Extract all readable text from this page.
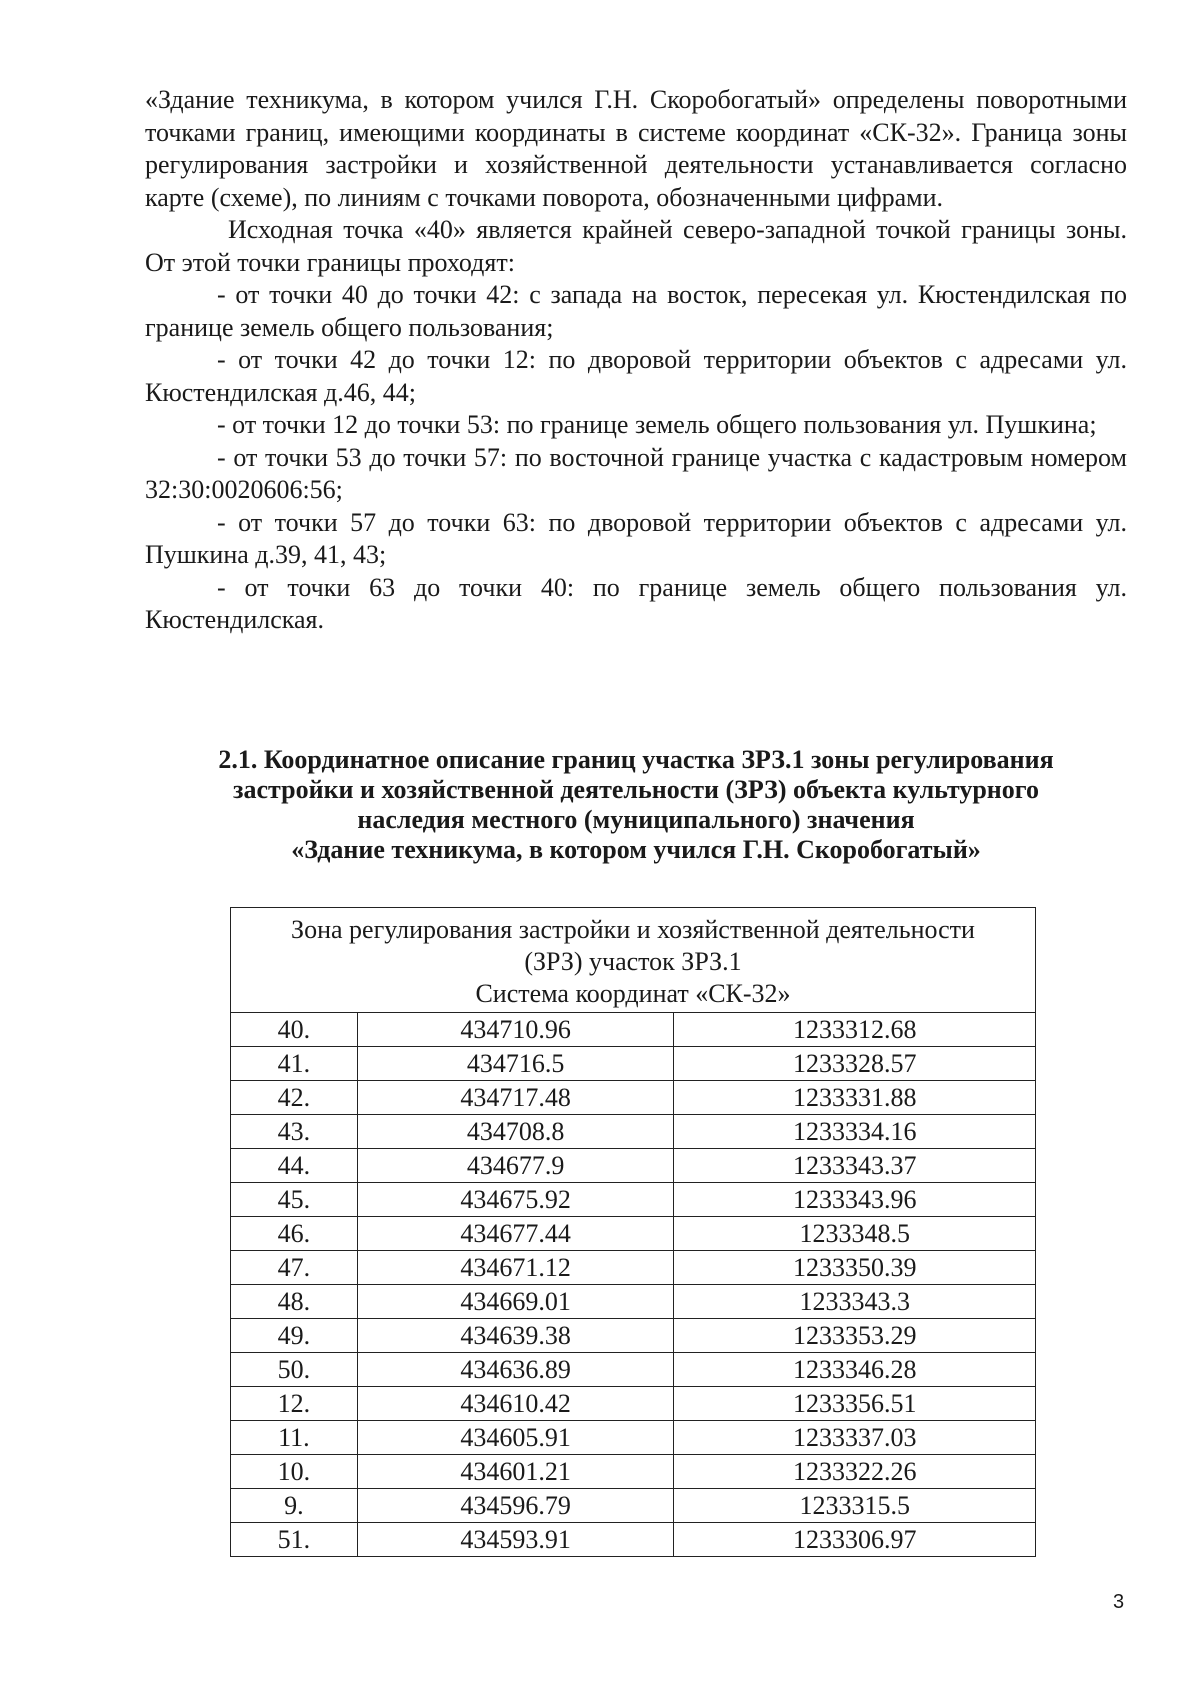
«Здание техникума, в котором учился Г.Н. Скоробогатый» определены поворотными точками границ, имеющими координаты в системе координат «СК-32». Граница зоны регулирования застройки и хозяйственной деятельности устанавливается согласно карте (схеме), по линиям с точками поворота, обозначенными цифрами.

Исходная точка «40» является крайней северо-западной точкой границы зоны. От этой точки границы проходят:

- от точки 40 до точки 42: с запада на восток, пересекая ул. Кюстендилская по границе земель общего пользования;

- от точки 42 до точки 12: по дворовой территории объектов с адресами ул. Кюстендилская д.46, 44;

- от точки 12 до точки 53: по границе земель общего пользования ул. Пушкина;

- от точки 53 до точки 57: по восточной границе участка с кадастровым номером 32:30:0020606:56;

- от точки 57 до точки 63: по дворовой территории объектов с адресами ул. Пушкина д.39, 41, 43;

- от точки 63 до точки 40: по границе земель общего пользования ул. Кюстендилская.

2.1. Координатное описание границ участка ЗРЗ.1 зоны регулирования
застройки и хозяйственной деятельности (ЗРЗ) объекта культурного
наследия местного (муниципального) значения
«Здание техникума, в котором учился Г.Н. Скоробогатый»
Зона регулирования застройки и хозяйственной деятельности
(ЗРЗ) участок ЗРЗ.1
Система координат «СК-32»		

40.	434710.96	1233312.68
41.	434716.5	1233328.57
42.	434717.48	1233331.88
43.	434708.8	1233334.16
44.	434677.9	1233343.37
45.	434675.92	1233343.96
46.	434677.44	1233348.5
47.	434671.12	1233350.39
48.	434669.01	1233343.3
49.	434639.38	1233353.29
50.	434636.89	1233346.28
12.	434610.42	1233356.51
11.	434605.91	1233337.03
10.	434601.21	1233322.26
9.	434596.79	1233315.5
51.	434593.91	1233306.97
3
